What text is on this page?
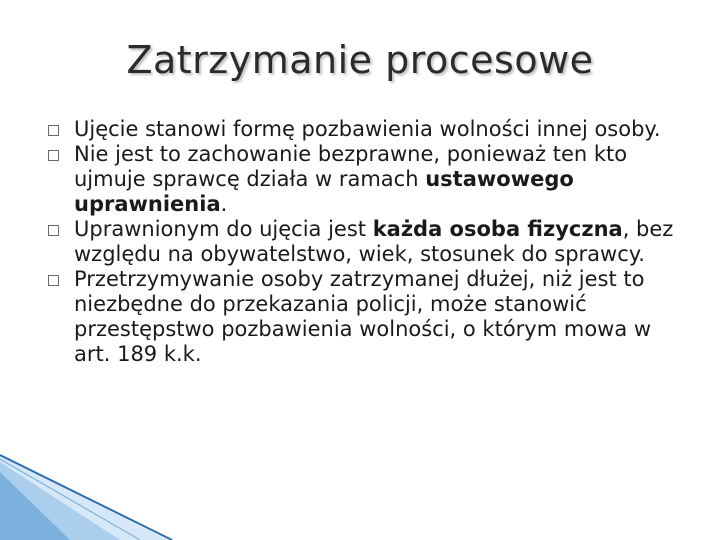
Zatrzymanie procesowe
Ujęcie stanowi formę pozbawienia wolności innej osoby.
Nie jest to zachowanie bezprawne, ponieważ ten kto ujmuje sprawcę działa w ramach ustawowego uprawnienia.
Uprawnionym do ujęcia jest każda osoba fizyczna, bez względu na obywatelstwo, wiek, stosunek do sprawcy.
Przetrzymywanie osoby zatrzymanej dłużej, niż jest to niezbędne do przekazania policji, może stanowić przestępstwo pozbawienia wolności, o którym mowa w art. 189 k.k.
